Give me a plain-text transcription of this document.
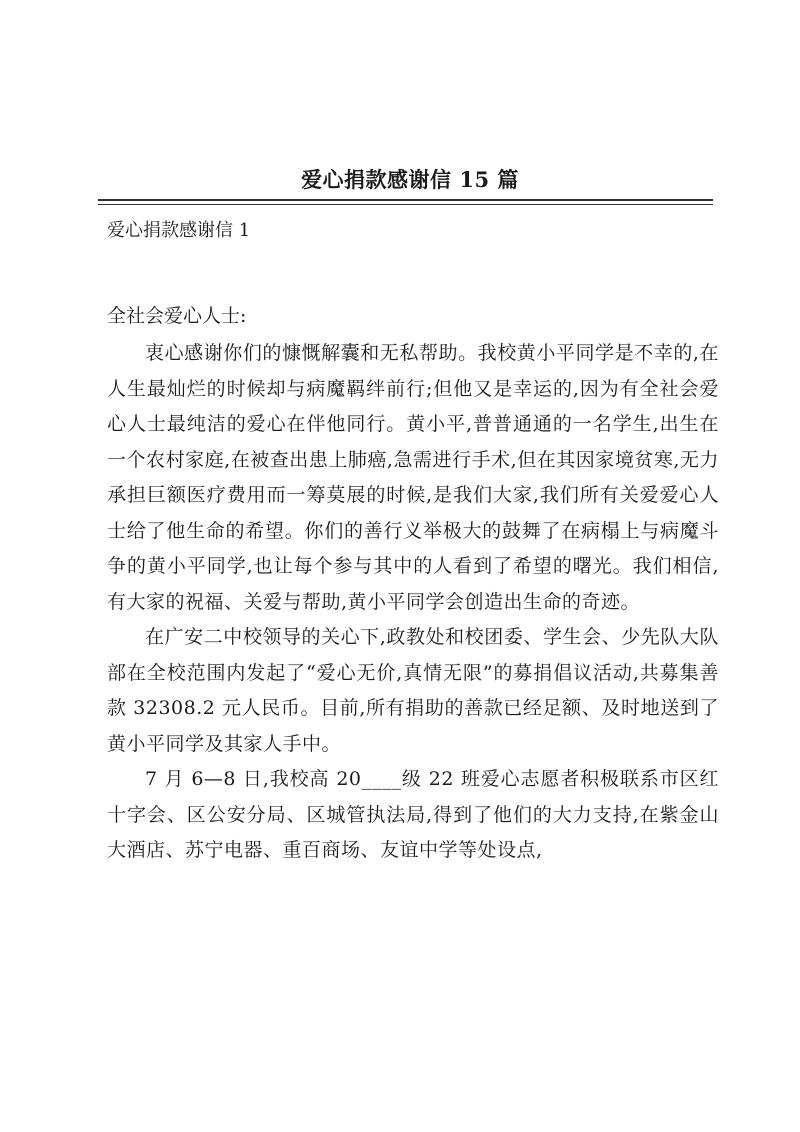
爱心捐款感谢信 15 篇
爱心捐款感谢信 1

全社会爱心人士:

衷心感谢你们的慷慨解囊和无私帮助。我校黄小平同学是不幸的,在人生最灿烂的时候却与病魔羁绊前行;但他又是幸运的,因为有全社会爱心人士最纯洁的爱心在伴他同行。黄小平,普普通通的一名学生,出生在一个农村家庭,在被查出患上肺癌,急需进行手术,但在其因家境贫寒,无力承担巨额医疗费用而一筹莫展的时候,是我们大家,我们所有关爱爱心人士给了他生命的希望。你们的善行义举极大的鼓舞了在病榻上与病魔斗争的黄小平同学,也让每个参与其中的人看到了希望的曙光。我们相信,有大家的祝福、关爱与帮助,黄小平同学会创造出生命的奇迹。

在广安二中校领导的关心下,政教处和校团委、学生会、少先队大队部在全校范围内发起了“爱心无价,真情无限”的募捐倡议活动,共募集善款 32308.2 元人民币。目前,所有捐助的善款已经足额、及时地送到了黄小平同学及其家人手中。

7 月 6—8 日,我校高 20____级 22 班爱心志愿者积极联系市区红十字会、区公安分局、区城管执法局,得到了他们的大力支持,在紫金山大酒店、苏宁电器、重百商场、友谊中学等处设点,
